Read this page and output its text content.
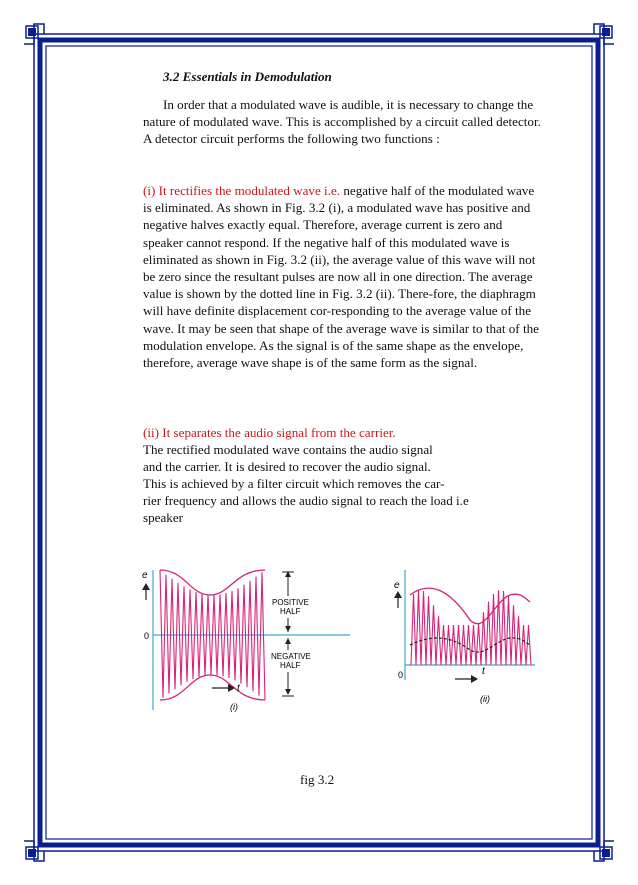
3.2 Essentials in Demodulation

In order that a modulated wave is audible, it is necessary to change the nature of modulated wave. This is accomplished by a circuit called detector. A detector circuit performs the following two functions :

(i) It rectifies the modulated wave i.e. negative half of the modulated wave is eliminated. As shown in Fig. 3.2 (i), a modulated wave has positive and negative halves exactly equal. Therefore, average current is zero and speaker cannot respond. If the negative half of this modulated wave is eliminated as shown in Fig. 3.2 (ii), the average value of this wave will not be zero since the resultant pulses are now all in one direction. The average value is shown by the dotted line in Fig. 3.2 (ii). There-fore, the diaphragm will have definite displacement cor-responding to the average value of the wave. It may be seen that shape of the average wave is similar to that of the modulation envelope. As the signal is of the same shape as the envelope, therefore, average wave shape is of the same form as the signal.

(ii) It separates the audio signal from the carrier.

The rectified modulated wave contains the audio signal

and the carrier. It is desired to recover the audio signal.

This is achieved by a filter circuit which removes the car-

rier frequency and allows the audio signal to reach the load i.e

speaker

e
0
t
(i)
POSITIVE
HALF
NEGATIVE
HALF
e
0	t
(ii)

fig 3.2
